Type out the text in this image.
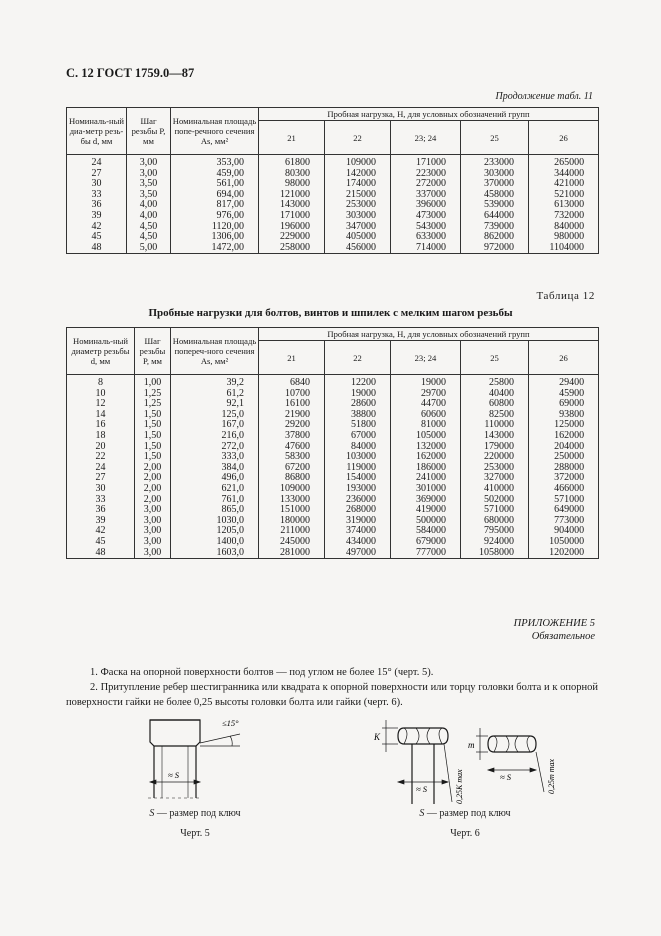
С. 12 ГОСТ 1759.0—87
Продолжение табл. 11
Номиналь-ный диа-метр резь-бы d, мм	Шаг резьбы P, мм	Номинальная площадь попе-речного сечения As, мм²	Пробная нагрузка, Н, для условных обозначений групп				
			21	22	23; 24	25	26
24	3,00	353,00	61800	109000	171000	233000	265000
27	3,00	459,00	80300	142000	223000	303000	344000
30	3,50	561,00	98000	174000	272000	370000	421000
33	3,50	694,00	121000	215000	337000	458000	521000
36	4,00	817,00	143000	253000	396000	539000	613000
39	4,00	976,00	171000	303000	473000	644000	732000
42	4,50	1120,00	196000	347000	543000	739000	840000
45	4,50	1306,00	229000	405000	633000	862000	980000
48	5,00	1472,00	258000	456000	714000	972000	1104000
Таблица 12
Пробные нагрузки для болтов, винтов и шпилек с мелким шагом резьбы
Номиналь-ный диаметр резьбы d, мм	Шаг резьбы P, мм	Номинальная площадь попереч-ного сечения As, мм²	Пробная нагрузка, Н, для условных обозначений групп				
			21	22	23; 24	25	26
8	1,00	39,2	6840	12200	19000	25800	29400
10	1,25	61,2	10700	19000	29700	40400	45900
12	1,25	92,1	16100	28600	44700	60800	69000
14	1,50	125,0	21900	38800	60600	82500	93800
16	1,50	167,0	29200	51800	81000	110000	125000
18	1,50	216,0	37800	67000	105000	143000	162000
20	1,50	272,0	47600	84000	132000	179000	204000
22	1,50	333,0	58300	103000	162000	220000	250000
24	2,00	384,0	67200	119000	186000	253000	288000
27	2,00	496,0	86800	154000	241000	327000	372000
30	2,00	621,0	109000	193000	301000	410000	466000
33	2,00	761,0	133000	236000	369000	502000	571000
36	3,00	865,0	151000	268000	419000	571000	649000
39	3,00	1030,0	180000	319000	500000	680000	773000
42	3,00	1205,0	211000	374000	584000	795000	904000
45	3,00	1400,0	245000	434000	679000	924000	1050000
48	3,00	1603,0	281000	497000	777000	1058000	1202000
ПРИЛОЖЕНИЕ 5
Обязательное

1. Фаска на опорной поверхности болтов — под углом не более 15° (черт. 5).

2. Притупление ребер шестигранника или квадрата к опорной поверхности или торцу головки болта и к опорной поверхности гайки не более 0,25 высоты головки болта или гайки (черт. 6).

≤15°
≈ S
S — размер под ключ
Черт. 5
K
m
≈ S
≈ S
0,25K max	0,25m max
S — размер под ключ
Черт. 6
